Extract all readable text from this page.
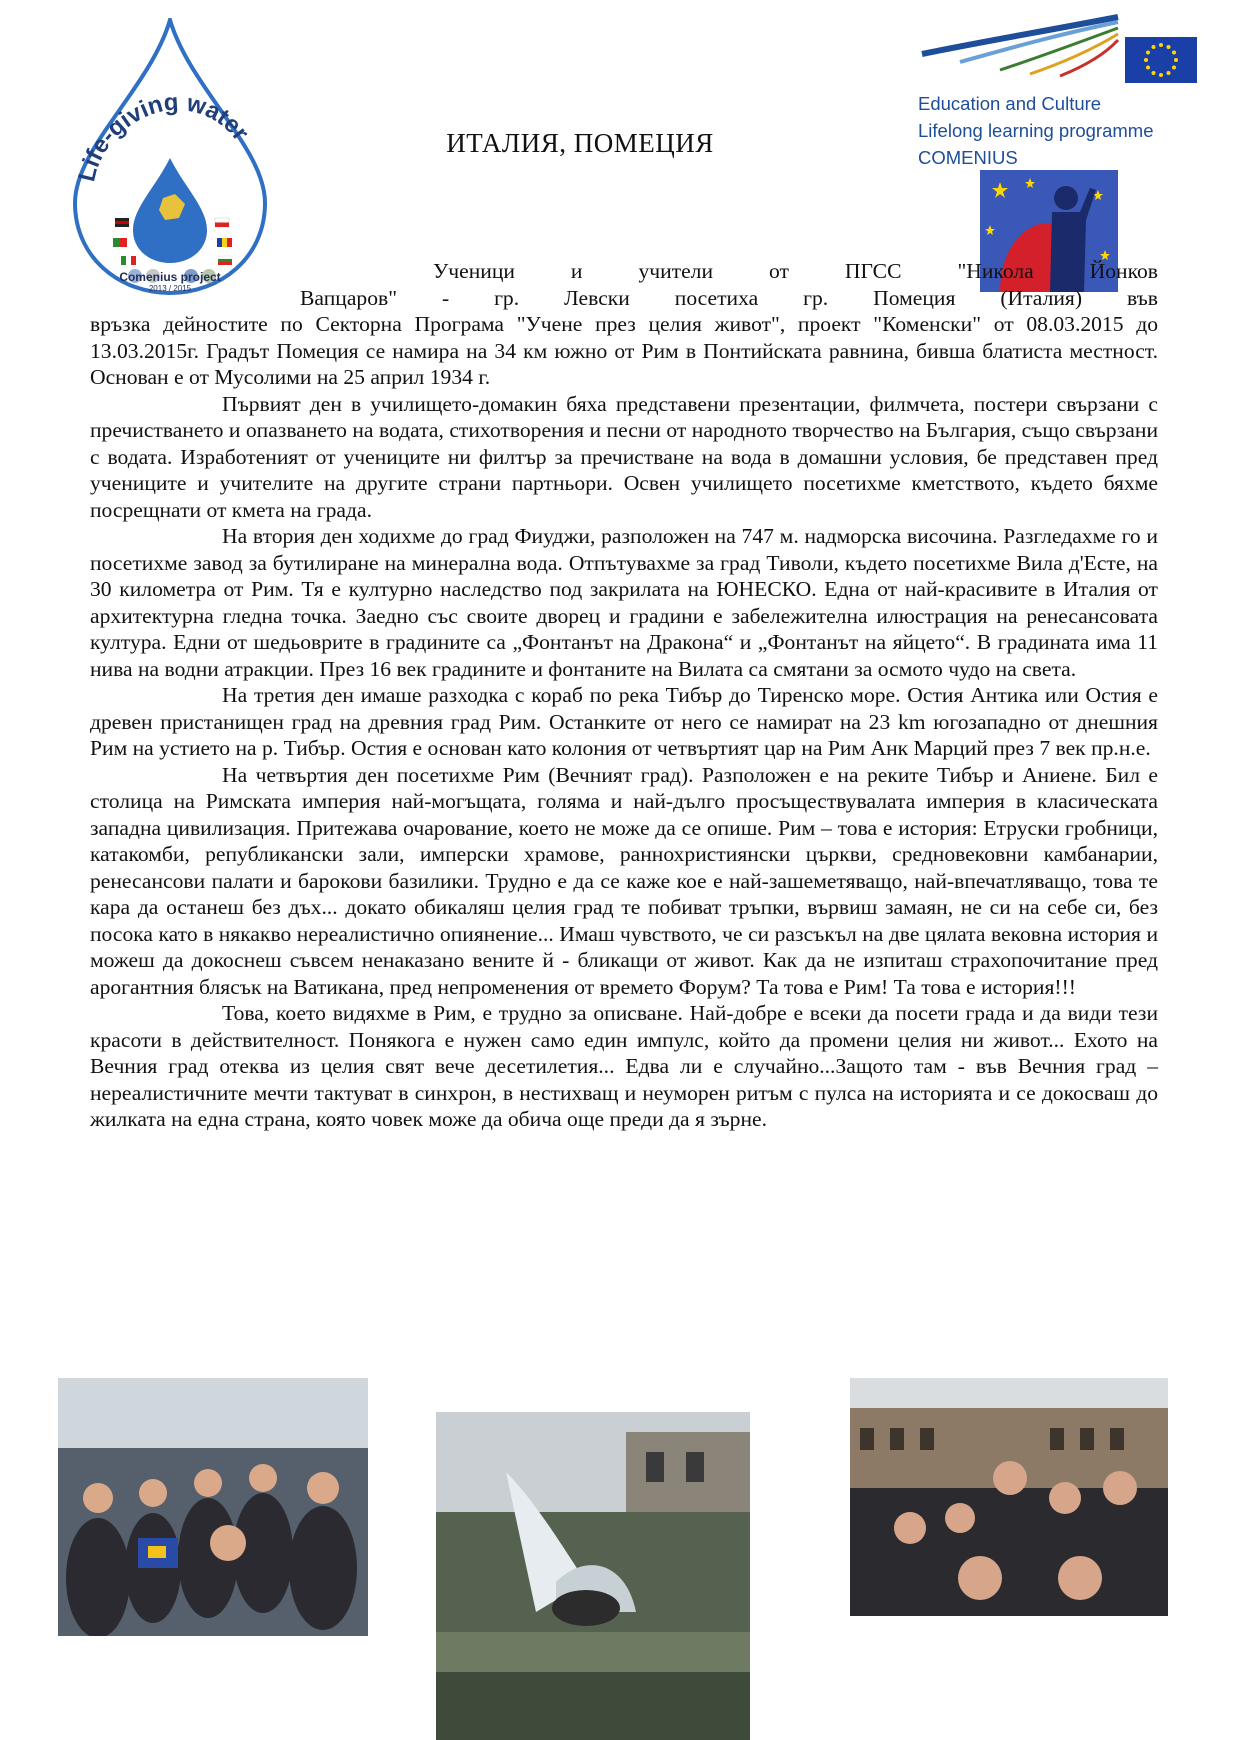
Life-giving water
Comenius project
2013 / 2015
ИТАЛИЯ, ПОМЕЦИЯ
Education and Culture
Lifelong learning programme
COMENIUS

Ученици и учители от ПГСС "Никола Йонков

Вапцаров" - гр. Левски посетиха гр. Помеция (Италия) във

връзка дейностите по Секторна Програма "Учене през целия живот", проект "Коменски" от 08.03.2015 до 13.03.2015г. Градът Помеция се намира на 34 км южно от Рим в Понтийската равнина, бивша блатиста местност. Основан е от Мусолими на 25 април 1934 г.

Първият ден в училището-домакин бяха представени презентации, филмчета, постери свързани с пречистването и опазването на водата, стихотворения и песни от народното творчество на България, също свързани с водата. Изработеният от учениците ни филтър за пречистване на вода в домашни условия, бе представен пред учениците и учителите на другите страни партньори. Освен училището посетихме кметството, където бяхме посрещнати от кмета на града.

На втория ден ходихме до град Фиуджи, разположен на 747 м. надморска височина. Разгледахме го и посетихме завод за бутилиране на минерална вода. Отпътувахме за град Тиволи, където посетихме Вила д'Есте, на 30 километра от Рим. Тя е културно наследство под закрилата на ЮНЕСКО. Една от най-красивите в Италия от архитектурна гледна точка. Заедно със своите дворец и градини е забележителна илюстрация на ренесансовата култура. Едни от шедьоврите в градините са „Фонтанът на Дракона“ и „Фонтанът на яйцето“. В градината има 11 нива на водни атракции. През 16 век градините и фонтаните на Вилата са смятани за осмото чудо на света.

На третия ден имаше разходка с кораб по река Тибър до Тиренско море. Остия Антика или Остия е древен пристанищен град на древния град Рим. Останките от него се намират на 23 km югозападно от днешния Рим на устието на р. Тибър. Остия е основан като колония от четвъртият цар на Рим Анк Марций през 7 век пр.н.е.

На четвъртия ден посетихме Рим (Вечният град). Разположен е на реките Тибър и Аниене. Бил е столица на Римската империя най-могъщата, голяма и най-дълго просъществувалата империя в класическата западна цивилизация. Притежава очарование, което не може да се опише. Рим – това е история: Етруски гробници, катакомби, републикански зали, имперски храмове, раннохристиянски църкви, средновековни камбанарии, ренесансови палати и барокови базилики. Трудно е да се каже кое е най-зашеметяващо, най-впечатляващо, това те кара да останеш без дъх... докато обикаляш целия град те побиват тръпки, вървиш замаян, не си на себе си, без посока като в някакво нереалистично опиянение... Имаш чувството, че си разсъкъл на две цялата вековна история и можеш да докоснеш съвсем ненаказано вените й - бликащи от живот. Как да не изпиташ страхопочитание пред арогантния блясък на Ватикана, пред непроменения от времето Форум? Та това е Рим! Та това е история!!!

Това, което видяхме в Рим, е трудно за описване. Най-добре е всеки да посети града и да види тези красоти в действителност. Понякога е нужен само един импулс, който да промени целия ни живот... Ехото на Вечния град отеква из целия свят вече десетилетия... Едва ли е случайно...Защото там - във Вечния град – нереалистичните мечти тактуват в синхрон, в нестихващ и неуморен ритъм с пулса на историята и се докосваш до жилката на една страна, която човек може да обича още преди да я зърне.
